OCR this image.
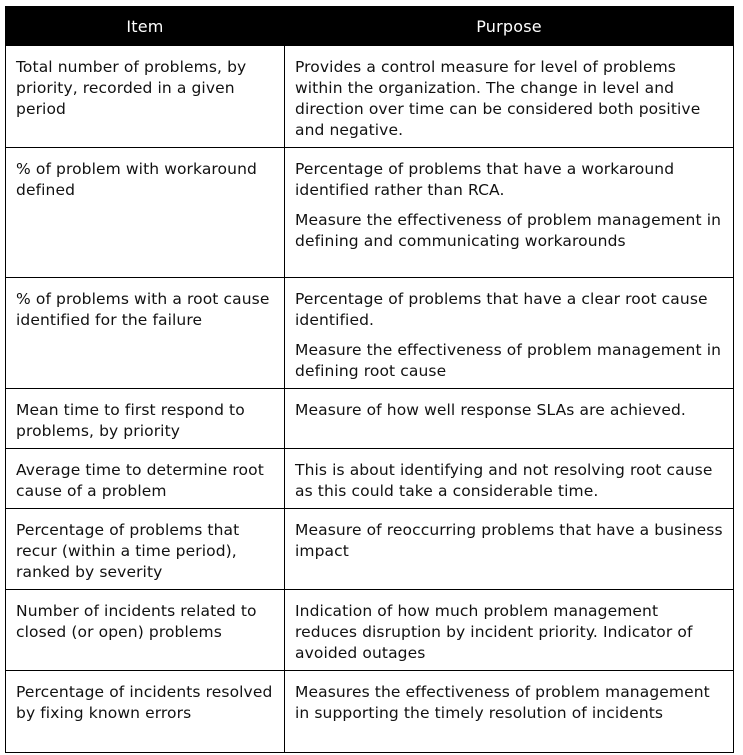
Item	Purpose

Total number of problems, by priority, recorded in a given period	Provides a control measure for level of problems within the organization. The change in level and direction over time can be considered both positive and negative.

% of problem with workaround defined	Percentage of problems that have a workaround identified rather than RCA.

Measure the effectiveness of problem management in defining and communicating workarounds

% of problems with a root cause identified for the failure	Percentage of problems that have a clear root cause identified.

Measure the effectiveness of problem management in defining root cause

Mean time to first respond to problems, by priority	Measure of how well response SLAs are achieved.

Average time to determine root cause of a problem	This is about identifying and not resolving root cause as this could take a considerable time.

Percentage of problems that recur (within a time period), ranked by severity	Measure of reoccurring problems that have a business impact

Number of incidents related to closed (or open) problems	Indication of how much problem management reduces disruption by incident priority. Indicator of avoided outages

Percentage of incidents resolved by fixing known errors	Measures the effectiveness of problem management in supporting the timely resolution of incidents
